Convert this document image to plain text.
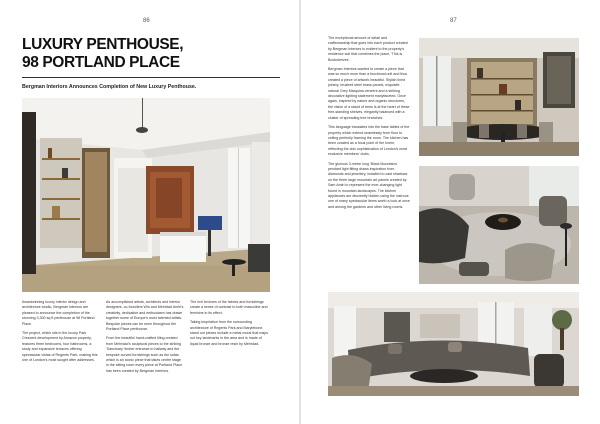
86
LUXURY PENTHOUSE,
98 PORTLAND PLACE
Bergman Interiors Announces Completion of New Luxury Penthouse.

Awardwinning luxury interior design and architecture studio, Bergman Interiors are pleased to announce the completion of the stunning 3,300 sq ft penthouse at 98 Portland Place.

The project, which sits in the luxury Park Crescent development by Amazon property, features three bedrooms, four bathrooms, a study and expansive terraces offering spectacular vistas of Regents Park, making this one of London's most sought after addresses.

As accomplished artists, architects and interior designers, co-founders Win and Mehrdad Amiri's creativity, dedication and enthusiasm has drawn together some of Europe's most talented artists. Bespoke pieces can be seen throughout the Portland Place penthouse.

From the beautiful hand-crafted tiling created from Mehrdad's sculptural pieces to the striking 'Sanctuary' timber entrance in hallway and the bespoke curved furnishings such as the sofas which is an iconic piece that takes centre stage in the sitting room every piece at Portland Place has been created by Bergman Interiors.

The rich textures of the fabrics and furnishings create a sense of contrast to both masculine and feminine in its effect.

Taking inspiration from the surrounding architecture of Regents Park and Marylebone, stand out pieces include a metal mural that maps out key landmarks in the area and is made of liquid bronze and bronze resin by Mehrdad.

87

The exceptional amount of detail and craftsmanship that goes into each product created by Bergman Interiors is evident to the property's residence suit that combines the place, 'This is Bookshelves'.

Bergman Interiors wanted to create a piece that was so much more than a functional unit and thus created a piece of artwork beautiful. Stylish lined joinery, brushed steel brass panels, exquisite natural Grey Marquina veneers and a striking decorative lighting statement manyfaceted. Once again, inspired by nature and organic structures, the vision of a stand of trees is at the heart of these free-standing shelves, elegantly balanced with a cluster of spreading tree branches.

This language translates into the base tables of the property which extend seamlessly from floor to ceiling perfectly framing the room. The kitchen has been curated as a focal point of the home, reflecting the chic sophistication of London's most exclusive members' clubs.

The glorious 3-metre long 'Black Mountains' pendant light fitting draws inspiration from diamonds and jewellery, installed to cast shadows on the three large mountain art panels created by Sam Amiri to represent the ever-changing light found in mountain landscapes. The kitchen appliances are discreetly hidden using the lustrous one of many spectacular items worth a look at once and among the gardens and other living rooms.
